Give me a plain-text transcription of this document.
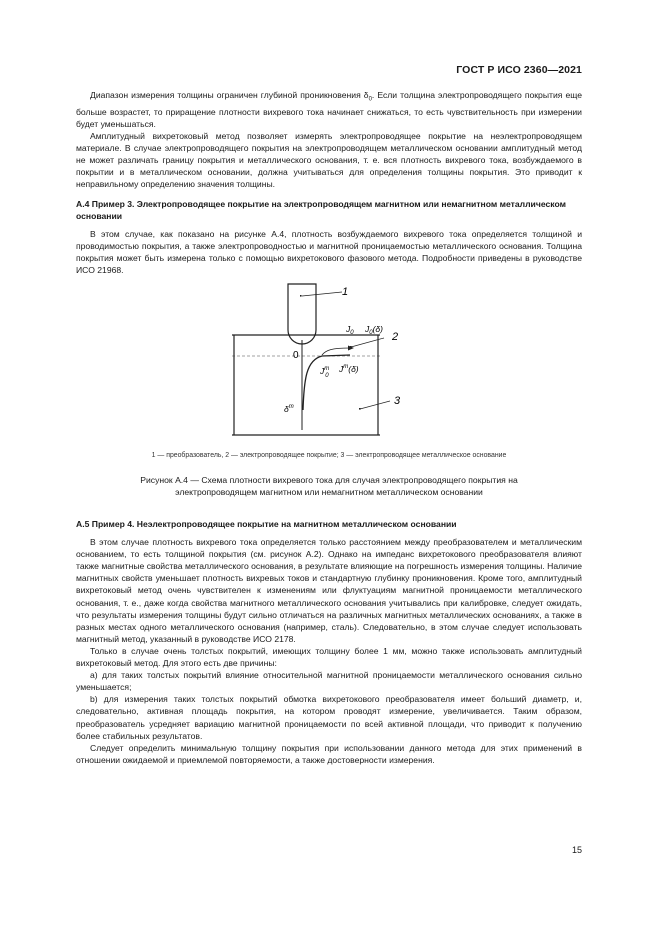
ГОСТ Р ИСО 2360—2021

Диапазон измерения толщины ограничен глубиной проникновения $\delta_0$. Если толщина электропроводящего покрытия еще больше возрастет, то приращение плотности вихревого тока начинает снижаться, то есть чувствительность при измерении будет уменьшаться.

Амплитудный вихретоковый метод позволяет измерять электропроводящее покрытие на неэлектропроводящем материале. В случае электропроводящего покрытия на электропроводящем металлическом основании амплитудный метод не может различать границу покрытия и металлического основания, т. е. вся плотность вихревого тока, возбуждаемого в покрытии и в металлическом основании, должна учитываться для определения толщины покрытия. Это приводит к неправильному определению значения толщины.

А.4 Пример 3. Электропроводящее покрытие на электропроводящем магнитном или немагнитном металлическом основании

В этом случае, как показано на рисунке А.4, плотность возбуждаемого вихревого тока определяется толщиной и проводимостью покрытия, а также электропроводностью и магнитной проницаемостью металлического основания. Толщина покрытия может быть измерена только с помощью вихретокового фазового метода. Подробности приведены в руководстве ИСО 21968.

1
0
$J_0$ $J_0(\delta)$
2
$J^m$ 0
$J^m(\delta)$
$\delta^m$	3
1 — преобразователь, 2 — электропроводящее покрытие; 3 — электропроводящее металлическое основание
Рисунок А.4 — Схема плотности вихревого тока для случая электропроводящего покрытия на
электропроводящем магнитном или немагнитном металлическом основании

А.5 Пример 4. Неэлектропроводящее покрытие на магнитном металлическом основании

В этом случае плотность вихревого тока определяется только расстоянием между преобразователем и металлическим основанием, то есть толщиной покрытия (см. рисунок А.2). Однако на импеданс вихретокового преобразователя влияют также магнитные свойства металлического основания, в результате влияющие на погрешность измерения толщины. Наличие магнитных свойств уменьшает плотность вихревых токов и стандартную глубинку проникновения. Кроме того, амплитудный вихретоковый метод очень чувствителен к изменениям или флуктуациям магнитной проницаемости металлического основания, т. е., даже когда свойства магнитного металлического основания учитывались при калибровке, следует ожидать, что результаты измерения толщины будут сильно отличаться на различных магнитных металлических основаниях, а также в разных местах одного металлического основания (например, сталь). Следовательно, в этом случае следует использовать магнитный метод, указанный в руководстве ИСО 2178.

Только в случае очень толстых покрытий, имеющих толщину более 1 мм, можно также использовать амплитудный вихретоковый метод. Для этого есть две причины:

а) для таких толстых покрытий влияние относительной магнитной проницаемости металлического основания сильно уменьшается;

b) для измерения таких толстых покрытий обмотка вихретокового преобразователя имеет больший диаметр, и, следовательно, активная площадь покрытия, на котором проводят измерение, увеличивается. Таким образом, преобразователь усредняет вариацию магнитной проницаемости по всей активной площади, что приводит к получению более стабильных результатов.

Следует определить минимальную толщину покрытия при использовании данного метода для этих применений в отношении ожидаемой и приемлемой повторяемости, а также достоверности измерения.

15
